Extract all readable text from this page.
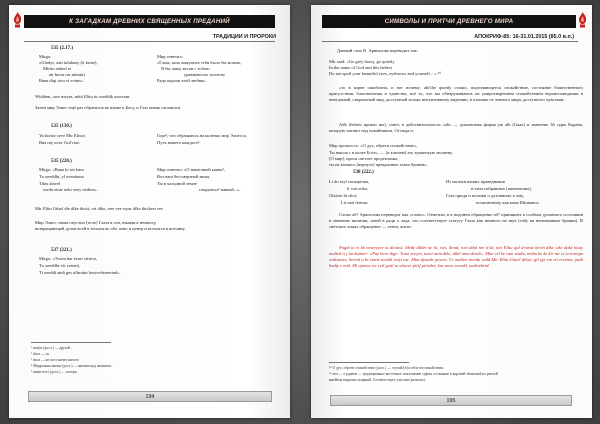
К ЗАГАДКАМ ДРЕВНИХ СВЯЩЕННЫХ ПРЕДАНИЙ
ТРАДИЦИИ И ПРОРОКИ
535 (2.17.)
Mirgo:
«Gludyt, xati tulubazy (ti krine),
Miritu anbert te
air bertu ras mimtn)
Bana diqi toru vi evinn».
Мир ответил:
«Глаза, коль выкупить тебя было бы можно,
Я бы чашу весов с тобою
уравновесил золотом
Радо короля этой любви».
Widdeni, care meyin, mbit Elitu tu oxeddik usorsam.
Затем мир Элиес ещё раз обратился во языке к Богу, и Глаз вновь отозвался.
535 (130.)
Ya horlor seve Mir Elisse,
Bna ray uvor t'sul'ctae.
Горе¹, что обращаюсь на коленях мир Элиесса,
Путь вашего каждого².
535 (220.)
Mirgo: «Bana ki ser baro
Tu xeeddhi, yl eventtuna
Tdax alavel
sorda xtrae neki xeey nedera».
Мир ответил: «О нашелный каяна³,
Вот ваш бессмертной ваша,
Ты в холодной земле
сокрушил⁴ живый...».
Mir Elitu Gitarl die dike thrist, ori dike, tree vee sryar dike thickeei ree.
Мир Элиес снова опустил [тело] Глаза в сон, взывая к немногу,
возвращающей духов всей в теплом ко обо лоно и центр и вселится в вотчину.
537 (221.)
Mirgo: «Tweta bar evarr stfrtrst,
Tu xeeddhi-vit vetend,
Ti xeeddi andi ges ulfmitur bestvelrtmerind».
¹ mayin (досл.) — другой .
² duca — за.
³ duca — не пост ничто ничего
⁴ Морральна наени (досл.) — мнение над знанием».
⁵ шинг nevi (досл.) — потеря.
194
СИМВОЛЫ И ПРИТЧИ ДРЕВНЕГО МИРА
АПОКРИФ-85: 16-31.01.2015 (85.0 в.п.)
Данный стих В. Арвеалова переводит так:
Mir said: «Go grey horsy, go quietly
In the name of God and this behest
Do not spoil your beautiful eyes, eyebrows and yourself... » ¹⁰
«то в корне ошибочно, и вот почему: abi'the quietly стишо, подгоняющееся спокойствие, состояние божественного присутствия, благоволения и единства, всё то, что вы обнаруживаешь на умиротворением спокойствием вероисповедании в неведомый, сакральный мир, доступный только интуитивному видению, в отличие от земного мира, доступного чувствам.
Adh (behest приказ ны), совет, в действительности «alt» — диалектная форма уж alh (Gaaz) и значение 36 суры Корана, которую читают над покойником. Отсюда и:
Мир прошлось: «О дух, обрети спокойствие»,
Ты нашла с в колее Бога», — [и кличем] эту зуманскую молитву.
[О мир], прося светлее продекламы,
ты не казнись [вернуть] прекрасные злаки бровеи».
538 (222.)
Li du toyl vunuqerma,
li von soka,
Glaivin bi stlot,
Lii mal fermas.
Из молитв наших праведников
и этих избранных [шнекатоны],
Глаз приди и положи о духовному к ому,
почитаемому как кона Шишанса.
Слово аб? Арвеалова переводит как «слово». Отметим, в к надонем обращение аб? приникиет к особым духовного состоянии в значение витании, зовей в ради о лада, что соответствует статусу Глаза как немного на звук (табу на неназванные бранки). В светских лицах обращение — xeritn, агитн.
Pagdi tu vi kh mneveyvr tu diotasi: Mede diklet ne tit, rtet, ikrnd, ruri dikti nre ti'slt, mir Elitu qid t(rurae kevin dike, tike dake niuty andied ti j lm dqinter: «Pay bera dige: Tumi xeeyin, turni mim dike, dikli mim dendi». Mim vel ke ram tetdm, tetdm ke ke kir tar ix ecveveqm vedrnatev. Setiml u bi etnrd xeeddi vetyt tue. Mim dyande peyive. Ui andiret merdu vedd Mir Elitu Gitarl dihye, gil tgr ein rti erxeitm, padi hadty e mid. Mi ujmixu we veil gxtil tu aluwer plrtf pirtidev, kne naru xeerdd, undrtebrrd.
¹⁰ О дух, обрети спокойствие (досл.) — ступай [в] к облу воспокойствии.
¹¹ xert — о рдваем — традиционное восточное поклонение суфия, оставание в коровой тёмноной из реплей
мнейтна широтно-жирный. Соответствует участия (религии).
195
